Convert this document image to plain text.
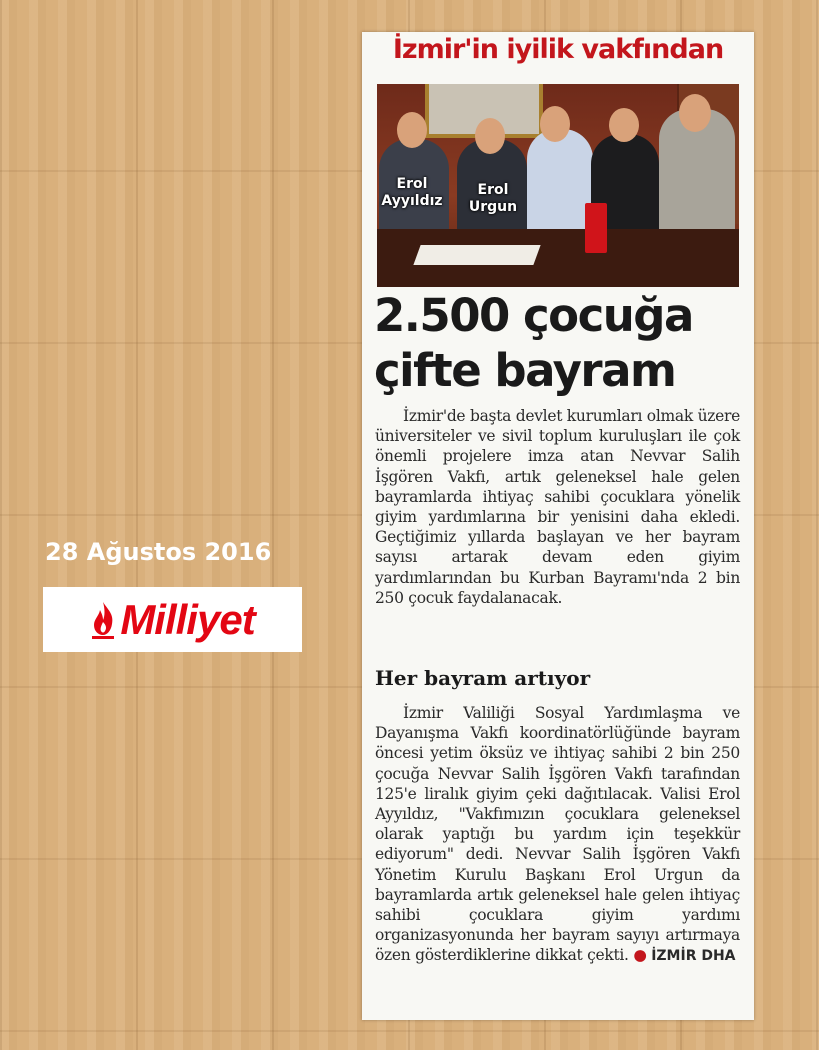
28 Ağustos 2016
Milliyet
İzmir'in iyilik vakfından
Erol Ayyıldız
Erol Urgun
2.500 çocuğa çifte bayram

İzmir'de başta devlet kurumları olmak üzere üniversiteler ve sivil toplum kuruluşları ile çok önemli projelere imza atan Nevvar Salih İşgören Vakfı, artık geleneksel hale gelen bayramlarda ihtiyaç sahibi çocuklara yönelik giyim yardımlarına bir yenisini daha ekledi. Geçtiğimiz yıllarda başlayan ve her bayram sayısı artarak devam eden giyim yardımlarından bu Kurban Bayramı'nda 2 bin 250 çocuk faydalanacak.

Her bayram artıyor

İzmir Valiliği Sosyal Yardımlaşma ve Dayanışma Vakfı koordinatörlüğünde bayram öncesi yetim öksüz ve ihtiyaç sahibi 2 bin 250 çocuğa Nevvar Salih İşgören Vakfı tarafından 125'e liralık giyim çeki dağıtılacak. Valisi Erol Ayyıldız, "Vakfımızın çocuklara geleneksel olarak yaptığı bu yardım için teşekkür ediyorum" dedi. Nevvar Salih İşgören Vakfı Yönetim Kurulu Başkanı Erol Urgun da bayramlarda artık geleneksel hale gelen ihtiyaç sahibi çocuklara giyim yardımı organizasyonunda her bayram sayıyı artırmaya özen gösterdiklerine dikkat çekti. ● İZMİR DHA
